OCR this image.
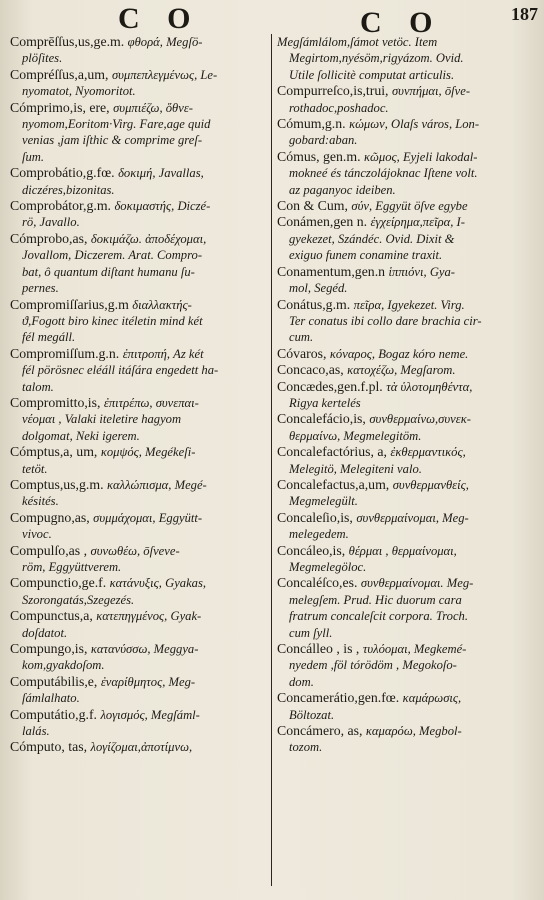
C O	C O	187

Comprēſſus,us,ge.m. φθορά, Megſö-

plöſites.

Compréſſus,a,um, συμπεπλεγμένως, Le-

nyomatot, Nyomoritot.

Cómprimo,is, ere, συμπιέζω, ὅθνε-

nyomom,Eoritom·Virg. Fare,age quid

venias ,jam iſthic & comprime greſ-

ſum.

Comprobátio,g.fœ. δοκιμή, Javallas,

diczéres,bizonitas.

Comprobátor,g.m. δοκιμαστής, Diczé-

rö, Javallo.

Cómprobo,as, δοκιμάζω. ἀποδέχομαι,

Jovallom, Diczerem. Arat. Compro-

bat, ô quantum diſtant humanu ſu-

pernes.

Compromiſſarius,g.m διαλλακτής-

ϑ,Fogott biro kinec itéletin mind két

fél megáll.

Compromiſſum.g.n. ἐπιτροπή, Az két

fél pörösnec eléáll itáſára engedett ha-

talom.

Compromitto,is, ἐπιτρέπω, συνεπαι-

νέομαι , Valaki iteletire hagyom

dolgomat, Neki igerem.

Cómptus,a, um, κομψός, Megékeſi-

tetöt.

Comptus,us,g.m. καλλώπισμα, Megé-

késités.

Compugno,as, συμμάχομαι, Eggyütt-

vivoc.

Compulſo,as , συνωθέω, ōſveve-

röm, Eggyüttverem.

Compunctio,ge.f. κατάνυξις, Gyakas,

Szorongatás,Szegezés.

Compunctus,a, κατεπηγμένος, Gyak-

doſdatot.

Compungo,is, κατανύσσω, Meggya-

kom,gyakdoſom.

Computábilis,e, ἐναρίθμητος, Meg-

ſámlalhato.

Computátio,g.f. λογισμός, Megſáml-

lalás.

Cómputo, tas, λογίζομαι,ἀποτίμνω,

Megſámlálom,ſámot vetöc. Item

Megirtom,nyésöm,rigyázom. Ovid.

Utile ſollicitè computat articulis.

Compurreſco,is,trui, συνπήμαι, ōſve-

rothadoc,poshadoc.

Cómum,g.n. κώμων, Olaſs város, Lon-

gobard:aban.

Cómus, gen.m. κῶμος, Eyjeli lakodal-

mokneé és tánczolájoknac Iſtene volt.

az paganyoc ideiben.

Con & Cum, σύν, Eggyüt öſve egybe

Conámen,gen n. ἐγχείρημα,πεῖρα, I-

gyekezet, Szándéc. Ovid. Dixit &

exiguo funem conamine traxit.

Conamentum,gen.n ἱππιόνι, Gya-

mol, Segéd.

Conátus,g.m. πεῖρα, Igyekezet. Virg.

Ter conatus ibi collo dare brachia cir-

cum.

Cóvaros, κόναρος, Bogaz kóro neme.

Concaco,as, κατοχέζω, Megſarom.

Concædes,gen.f.pl. τὰ ὑλοτομηθέντα,

Rigya kertelés

Concalefácio,is, συνθερμαίνω,συνεκ-

θερμαίνω, Megmelegitöm.

Concalefactórius, a, ἐκθερμαντικός,

Melegitö, Melegiteni valo.

Concalefactus,a,um, συνθερμανθείς,

Megmelegült.

Concaleſio,is, συνθερμαίνομαι, Meg-

melegedem.

Concáleo,is, θέρμαι , θερμαίνομαι,

Megmelegöloc.

Concaléſco,es. συνθερμαίνομαι. Meg-

melegſem. Prud. Hic duorum cara

fratrum concaleſcit corpora. Troch.

cum ſyll.

Concálleo , is , τυλόομαι, Megkemé-

nyedem ,föl tórödöm , Megokoſo-

dom.

Concamerátio,gen.fœ. καμάρωσις,

Böltozat.

Concámero, as, καμαρόω, Megbol-

tozom.
